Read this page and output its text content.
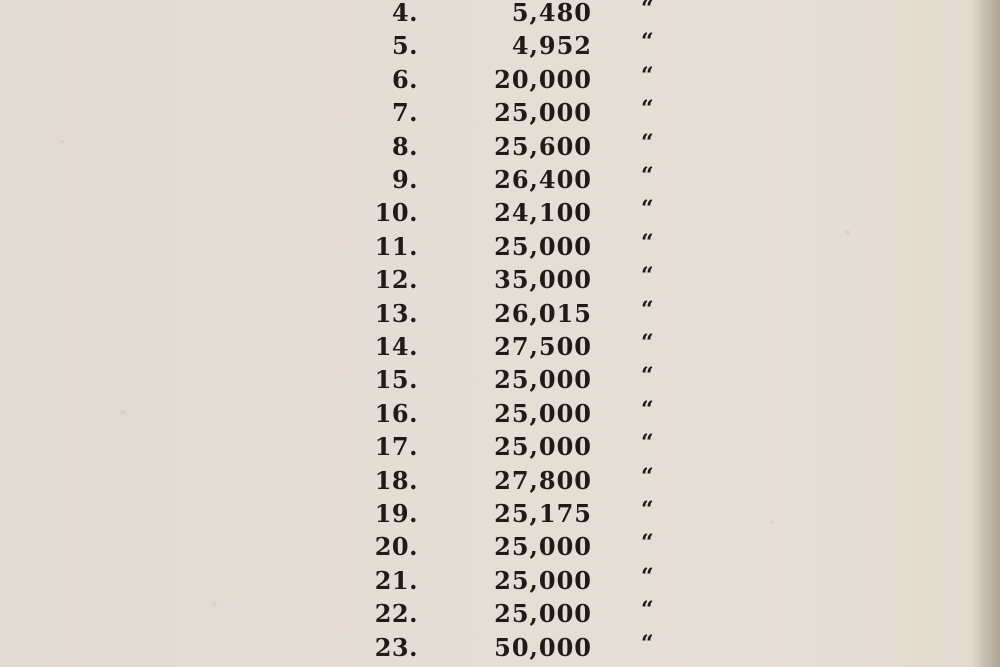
4.	5,480 “
5.	4,952 “
6.	20,000 “
7.	25,000 “
8.	25,600 “
9.	26,400 “
10.	24,100 “
11.	25,000 “
12.	35,000 “
13.	26,015 “
14.	27,500 “
15.	25,000 “
16.	25,000 “
17.	25,000 “
18.	27,800 “
19.	25,175 “
20.	25,000 “
21.	25,000 “
22.	25,000 “
23.	50,000 “
